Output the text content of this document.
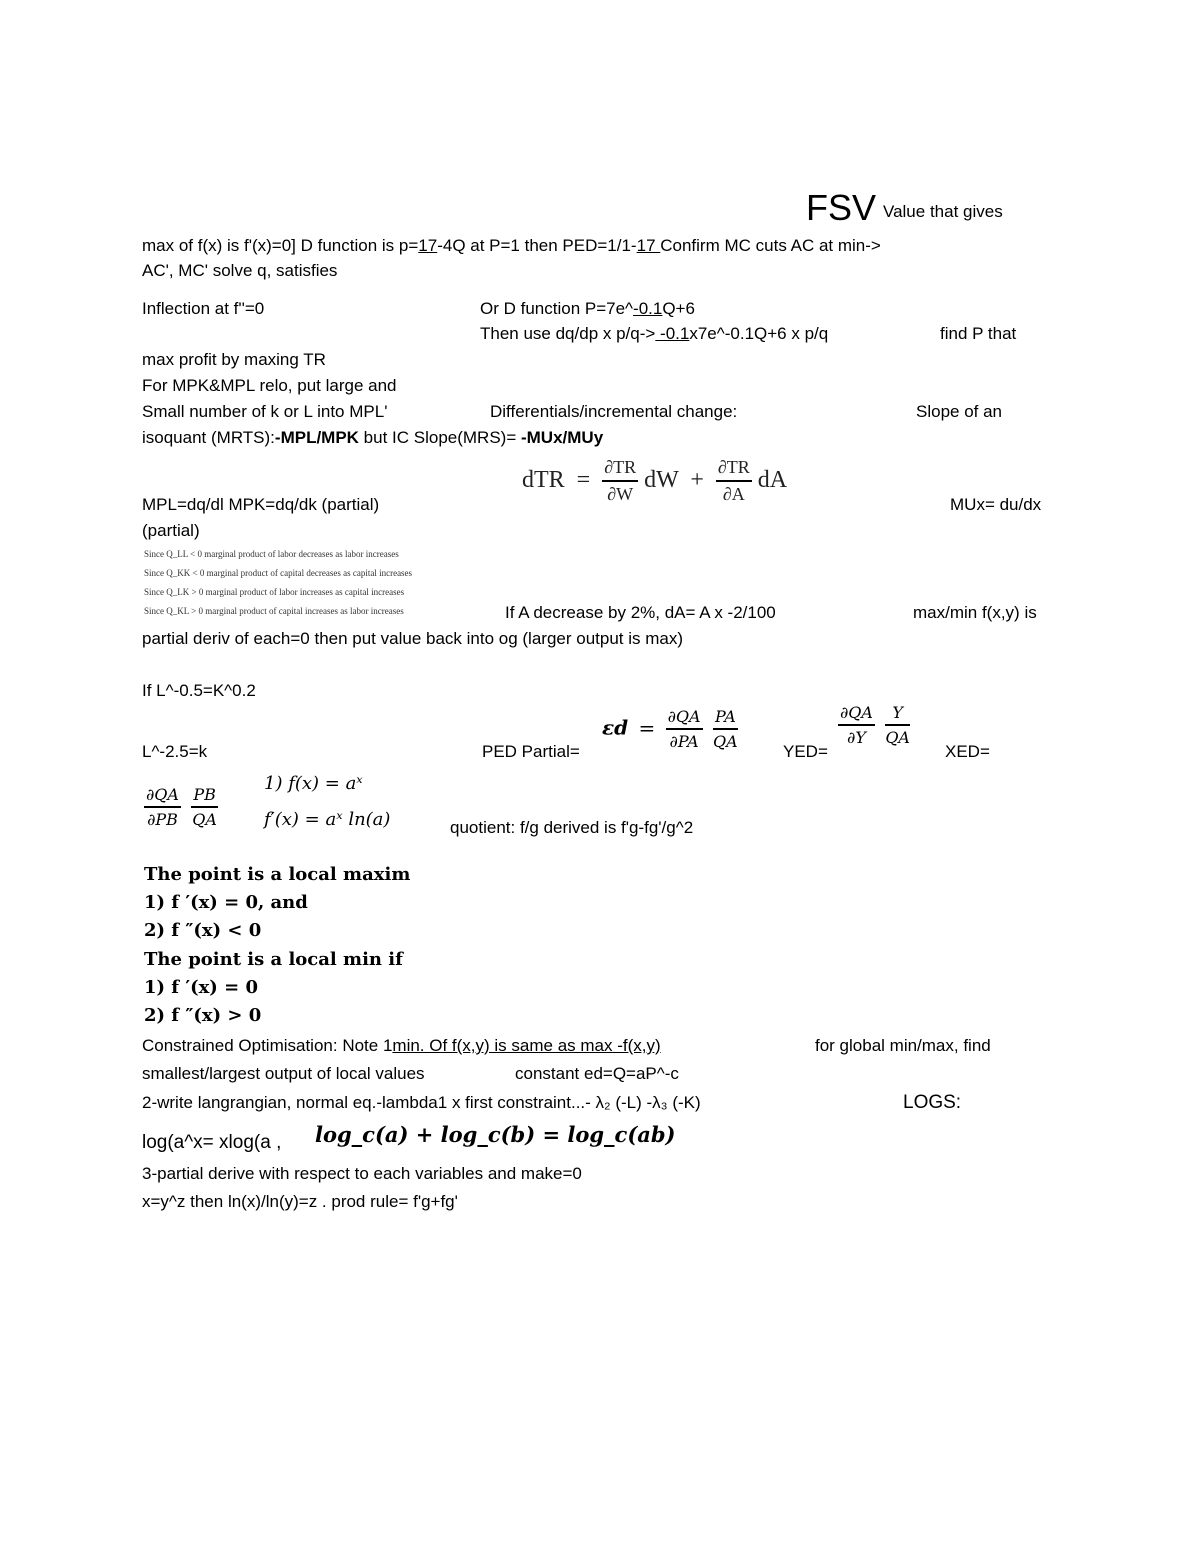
FSV Value that gives
max of f(x) is f'(x)=0] D function is p=17-4Q at P=1 then PED=1/1-17 Confirm MC cuts AC at min->
AC', MC' solve q, satisfies
Inflection at f''=0	Or D function P=7e^-0.1Q+6
Then use dq/dp x p/q-> -0.1x7e^-0.1Q+6 x p/q	find P that
max profit by maxing TR
For MPK&MPL relo, put large and
Small number of k or L into MPL'	Differentials/incremental change:	Slope of an
isoquant (MRTS):-MPL/MPK but IC Slope(MRS)= -MUx/MUy
dTR = $\frac{\partial TR}{\partial W}$ dW + $\frac{\partial TR}{\partial A}$ dA
MPL=dq/dl MPK=dq/dk (partial)	MUx= du/dx
(partial)
Since Q_LL < 0 marginal product of labor decreases as labor increases
Since Q_KK < 0 marginal product of capital decreases as capital increases
Since Q_LK > 0 marginal product of labor increases as capital increases
Since Q_KL > 0 marginal product of capital increases as labor increases	If A decrease by 2%, dA= A x -2/100	max/min f(x,y) is
partial deriv of each=0 then put value back into og (larger output is max)
If L^-0.5=K^0.2
$\varepsilon d = \frac{\partial QA}{\partial PA}$
$\frac{PA}{QA}$	$\frac{\partial QA}{\partial Y}$
$\frac{Y}{QA}$
L^-2.5=k	PED Partial=	YED=	XED=
$\frac{\partial QA}{\partial PB}$
$\frac{PB}{QA}$
1) f(x) = aˣ
f′(x) = aˣ ln(a)	quotient: f/g derived is f'g-fg'/g^2
The point is a local maxim
1) f ′(x) = 0, and
2) f ″(x) < 0
The point is a local min if
1) f ′(x) = 0
2) f ″(x) > 0
Constrained Optimisation: Note 1min. Of f(x,y) is same as max -f(x,y)	for global min/max, find
smallest/largest output of local values	constant ed=Q=aP^-c
2-write langrangian, normal eq.-lambda1 x first constraint...- λ₂ (-L) -λ₃ (-K)	LOGS:
log(a^x= xlog(a , log_c(a) + log_c(b) = log_c(ab)
3-partial derive with respect to each variables and make=0
x=y^z then ln(x)/ln(y)=z . prod rule= f'g+fg'
